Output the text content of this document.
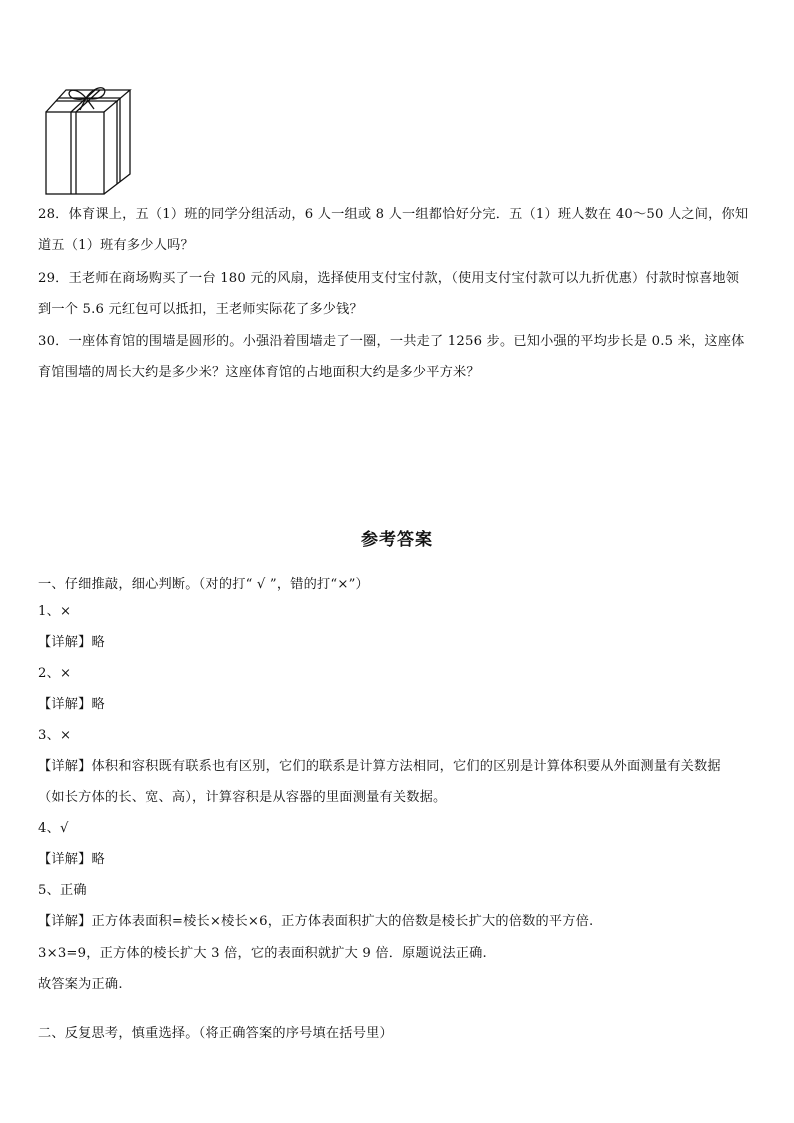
28．体育课上，五（1）班的同学分组活动，6 人一组或 8 人一组都恰好分完．五（1）班人数在 40～50 人之间，你知
道五（1）班有多少人吗？
29．王老师在商场购买了一台 180 元的风扇，选择使用支付宝付款，（使用支付宝付款可以九折优惠）付款时惊喜地领
到一个 5.6 元红包可以抵扣，王老师实际花了多少钱？
30．一座体育馆的围墙是圆形的。小强沿着围墙走了一圈，一共走了 1256 步。已知小强的平均步长是 0.5 米，这座体
育馆围墙的周长大约是多少米？这座体育馆的占地面积大约是多少平方米？
参考答案
一、仔细推敲，细心判断。（对的打“ √ ”，错的打“×”）
1、×
【详解】略
2、×
【详解】略
3、×
【详解】体积和容积既有联系也有区别，它们的联系是计算方法相同，它们的区别是计算体积要从外面测量有关数据
（如长方体的长、宽、高），计算容积是从容器的里面测量有关数据。
4、√
【详解】略
5、正确
【详解】正方体表面积=棱长×棱长×6，正方体表面积扩大的倍数是棱长扩大的倍数的平方倍.
3×3=9，正方体的棱长扩大 3 倍，它的表面积就扩大 9 倍．原题说法正确.
故答案为正确.
二、反复思考，慎重选择。（将正确答案的序号填在括号里）
